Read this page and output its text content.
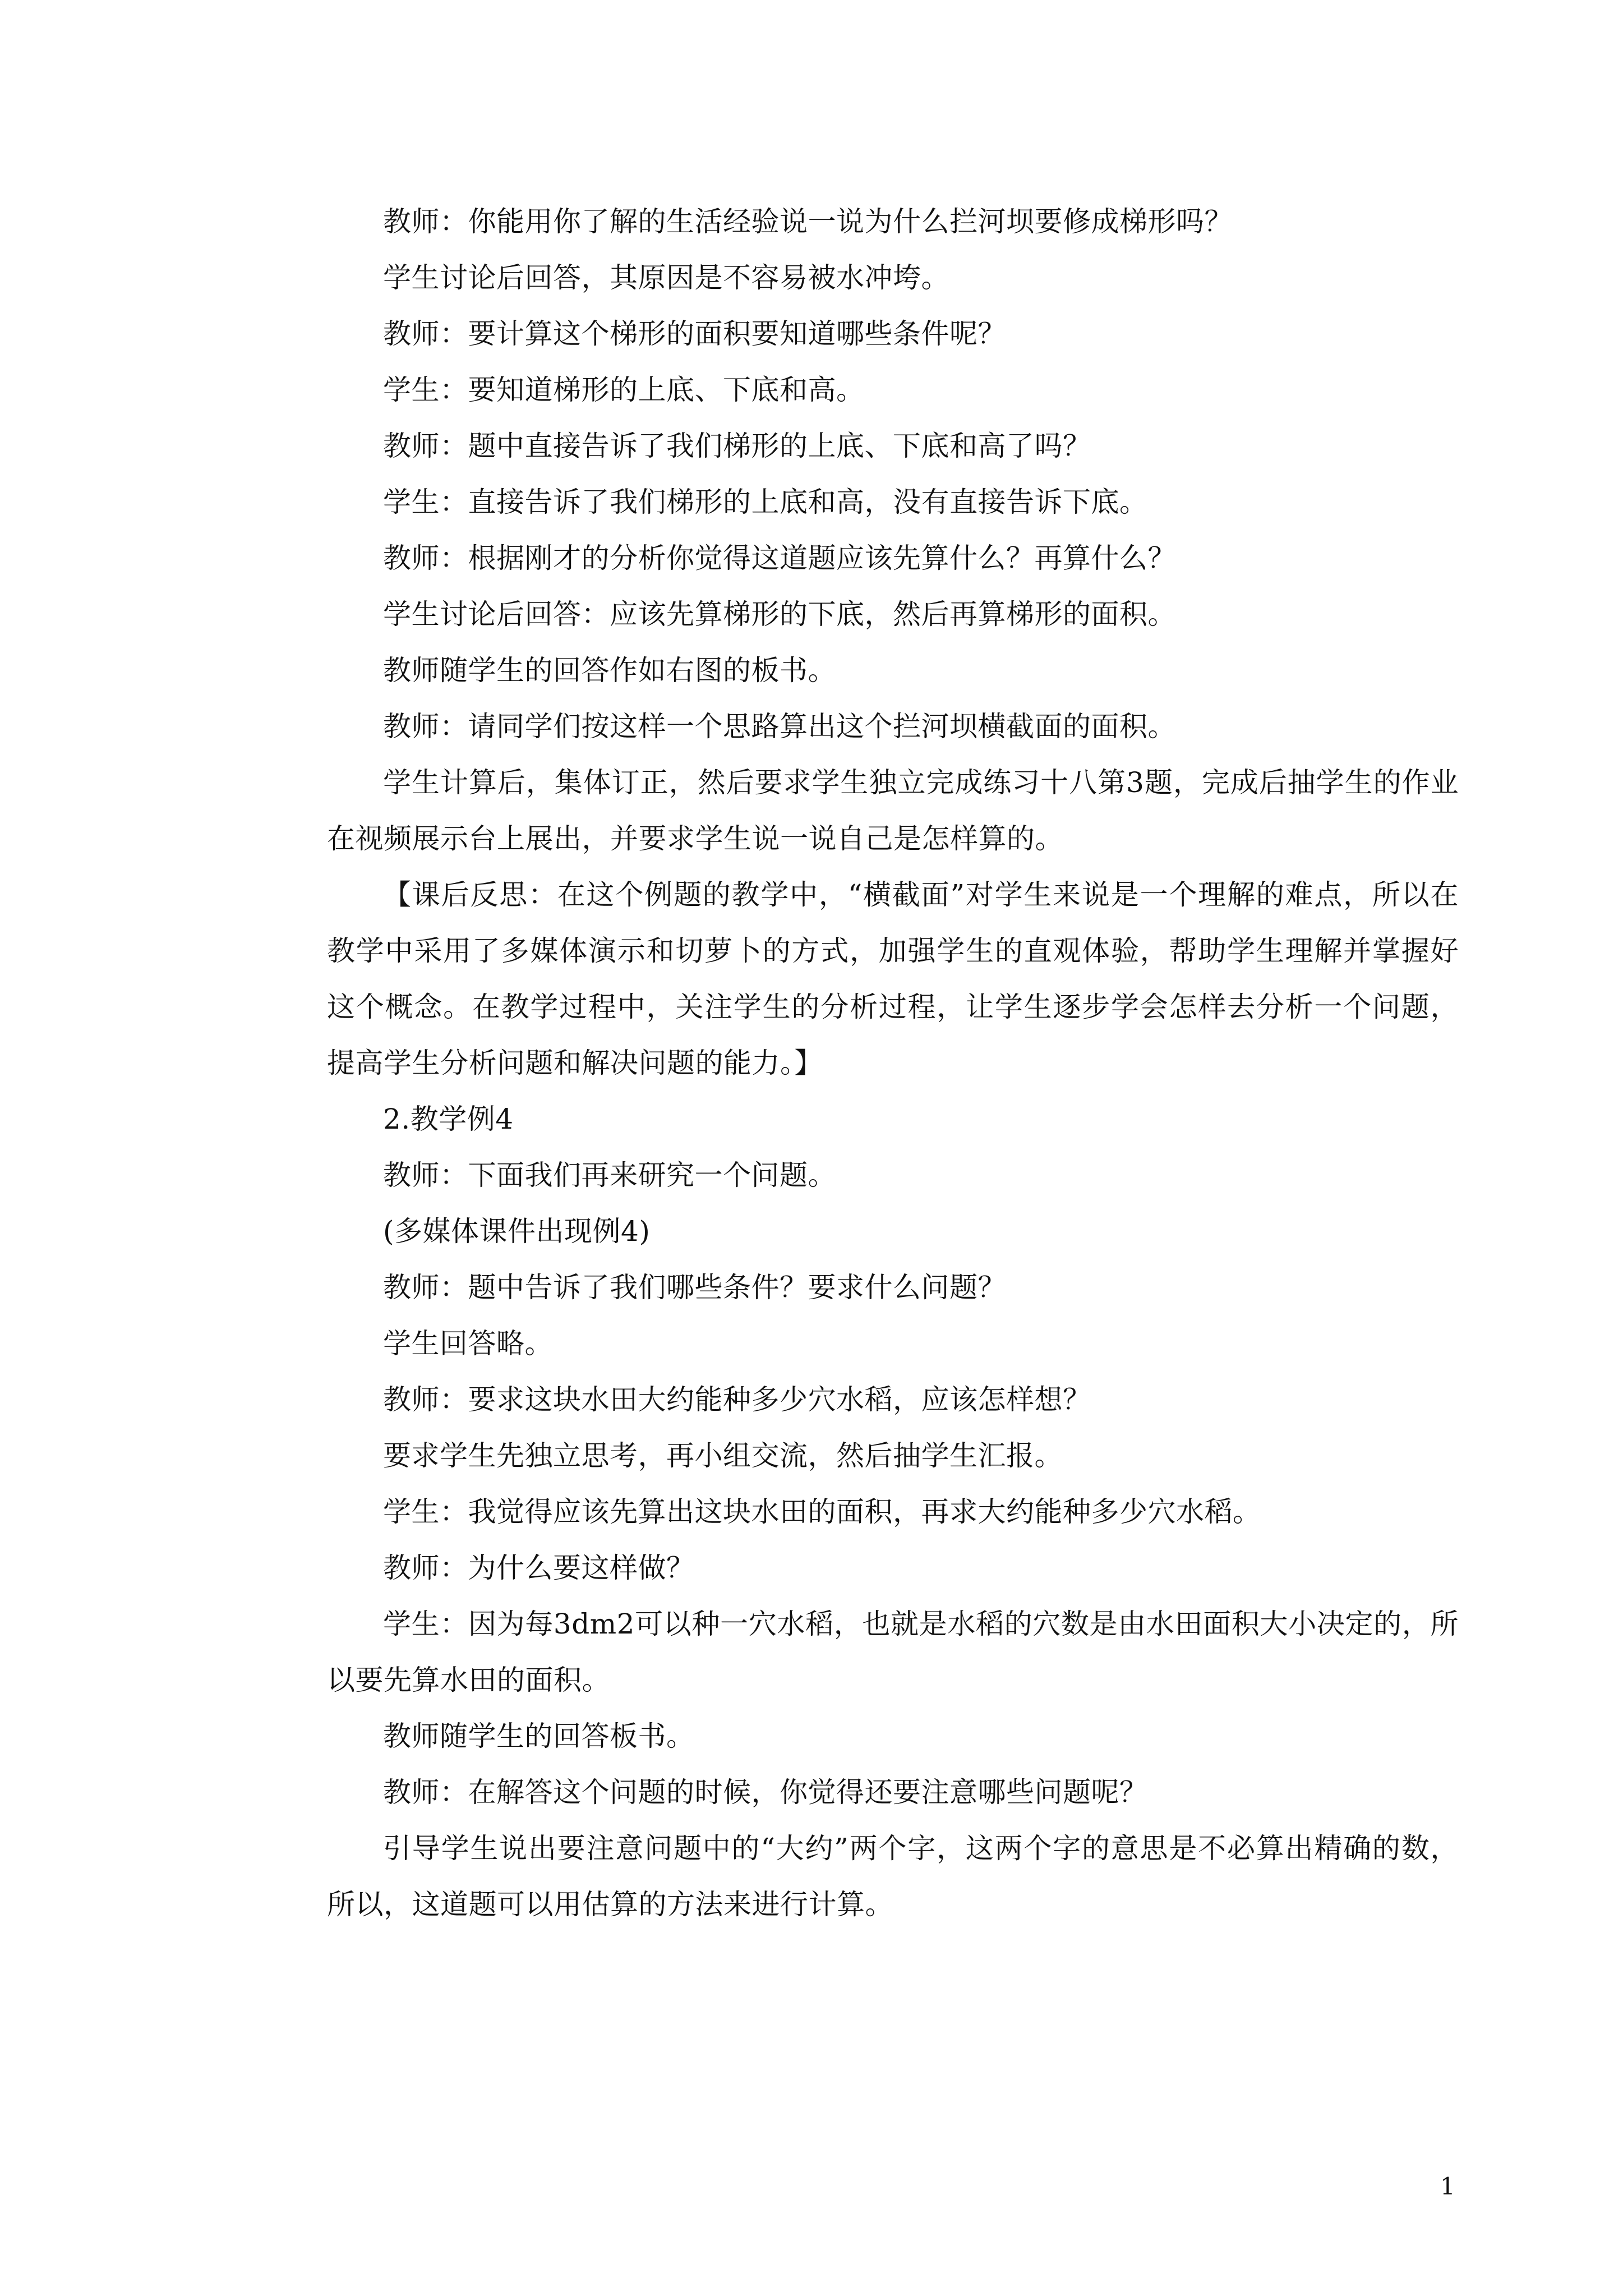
教师：你能用你了解的生活经验说一说为什么拦河坝要修成梯形吗？

学生讨论后回答，其原因是不容易被水冲垮。

教师：要计算这个梯形的面积要知道哪些条件呢？

学生：要知道梯形的上底、下底和高。

教师：题中直接告诉了我们梯形的上底、下底和高了吗？

学生：直接告诉了我们梯形的上底和高，没有直接告诉下底。

教师：根据刚才的分析你觉得这道题应该先算什么？再算什么？

学生讨论后回答：应该先算梯形的下底，然后再算梯形的面积。

教师随学生的回答作如右图的板书。

教师：请同学们按这样一个思路算出这个拦河坝横截面的面积。

学生计算后，集体订正，然后要求学生独立完成练习十八第3题，完成后抽学生的作业在视频展示台上展出，并要求学生说一说自己是怎样算的。

【课后反思：在这个例题的教学中，“横截面”对学生来说是一个理解的难点，所以在教学中采用了多媒体演示和切萝卜的方式，加强学生的直观体验，帮助学生理解并掌握好这个概念。在教学过程中，关注学生的分析过程，让学生逐步学会怎样去分析一个问题，提高学生分析问题和解决问题的能力。】

2.教学例4

教师：下面我们再来研究一个问题。

(多媒体课件出现例4)

教师：题中告诉了我们哪些条件？要求什么问题？

学生回答略。

教师：要求这块水田大约能种多少穴水稻，应该怎样想？

要求学生先独立思考，再小组交流，然后抽学生汇报。

学生：我觉得应该先算出这块水田的面积，再求大约能种多少穴水稻。

教师：为什么要这样做？

学生：因为每3dm2可以种一穴水稻，也就是水稻的穴数是由水田面积大小决定的，所以要先算水田的面积。

教师随学生的回答板书。

教师：在解答这个问题的时候，你觉得还要注意哪些问题呢？

引导学生说出要注意问题中的“大约”两个字，这两个字的意思是不必算出精确的数，所以，这道题可以用估算的方法来进行计算。

1
